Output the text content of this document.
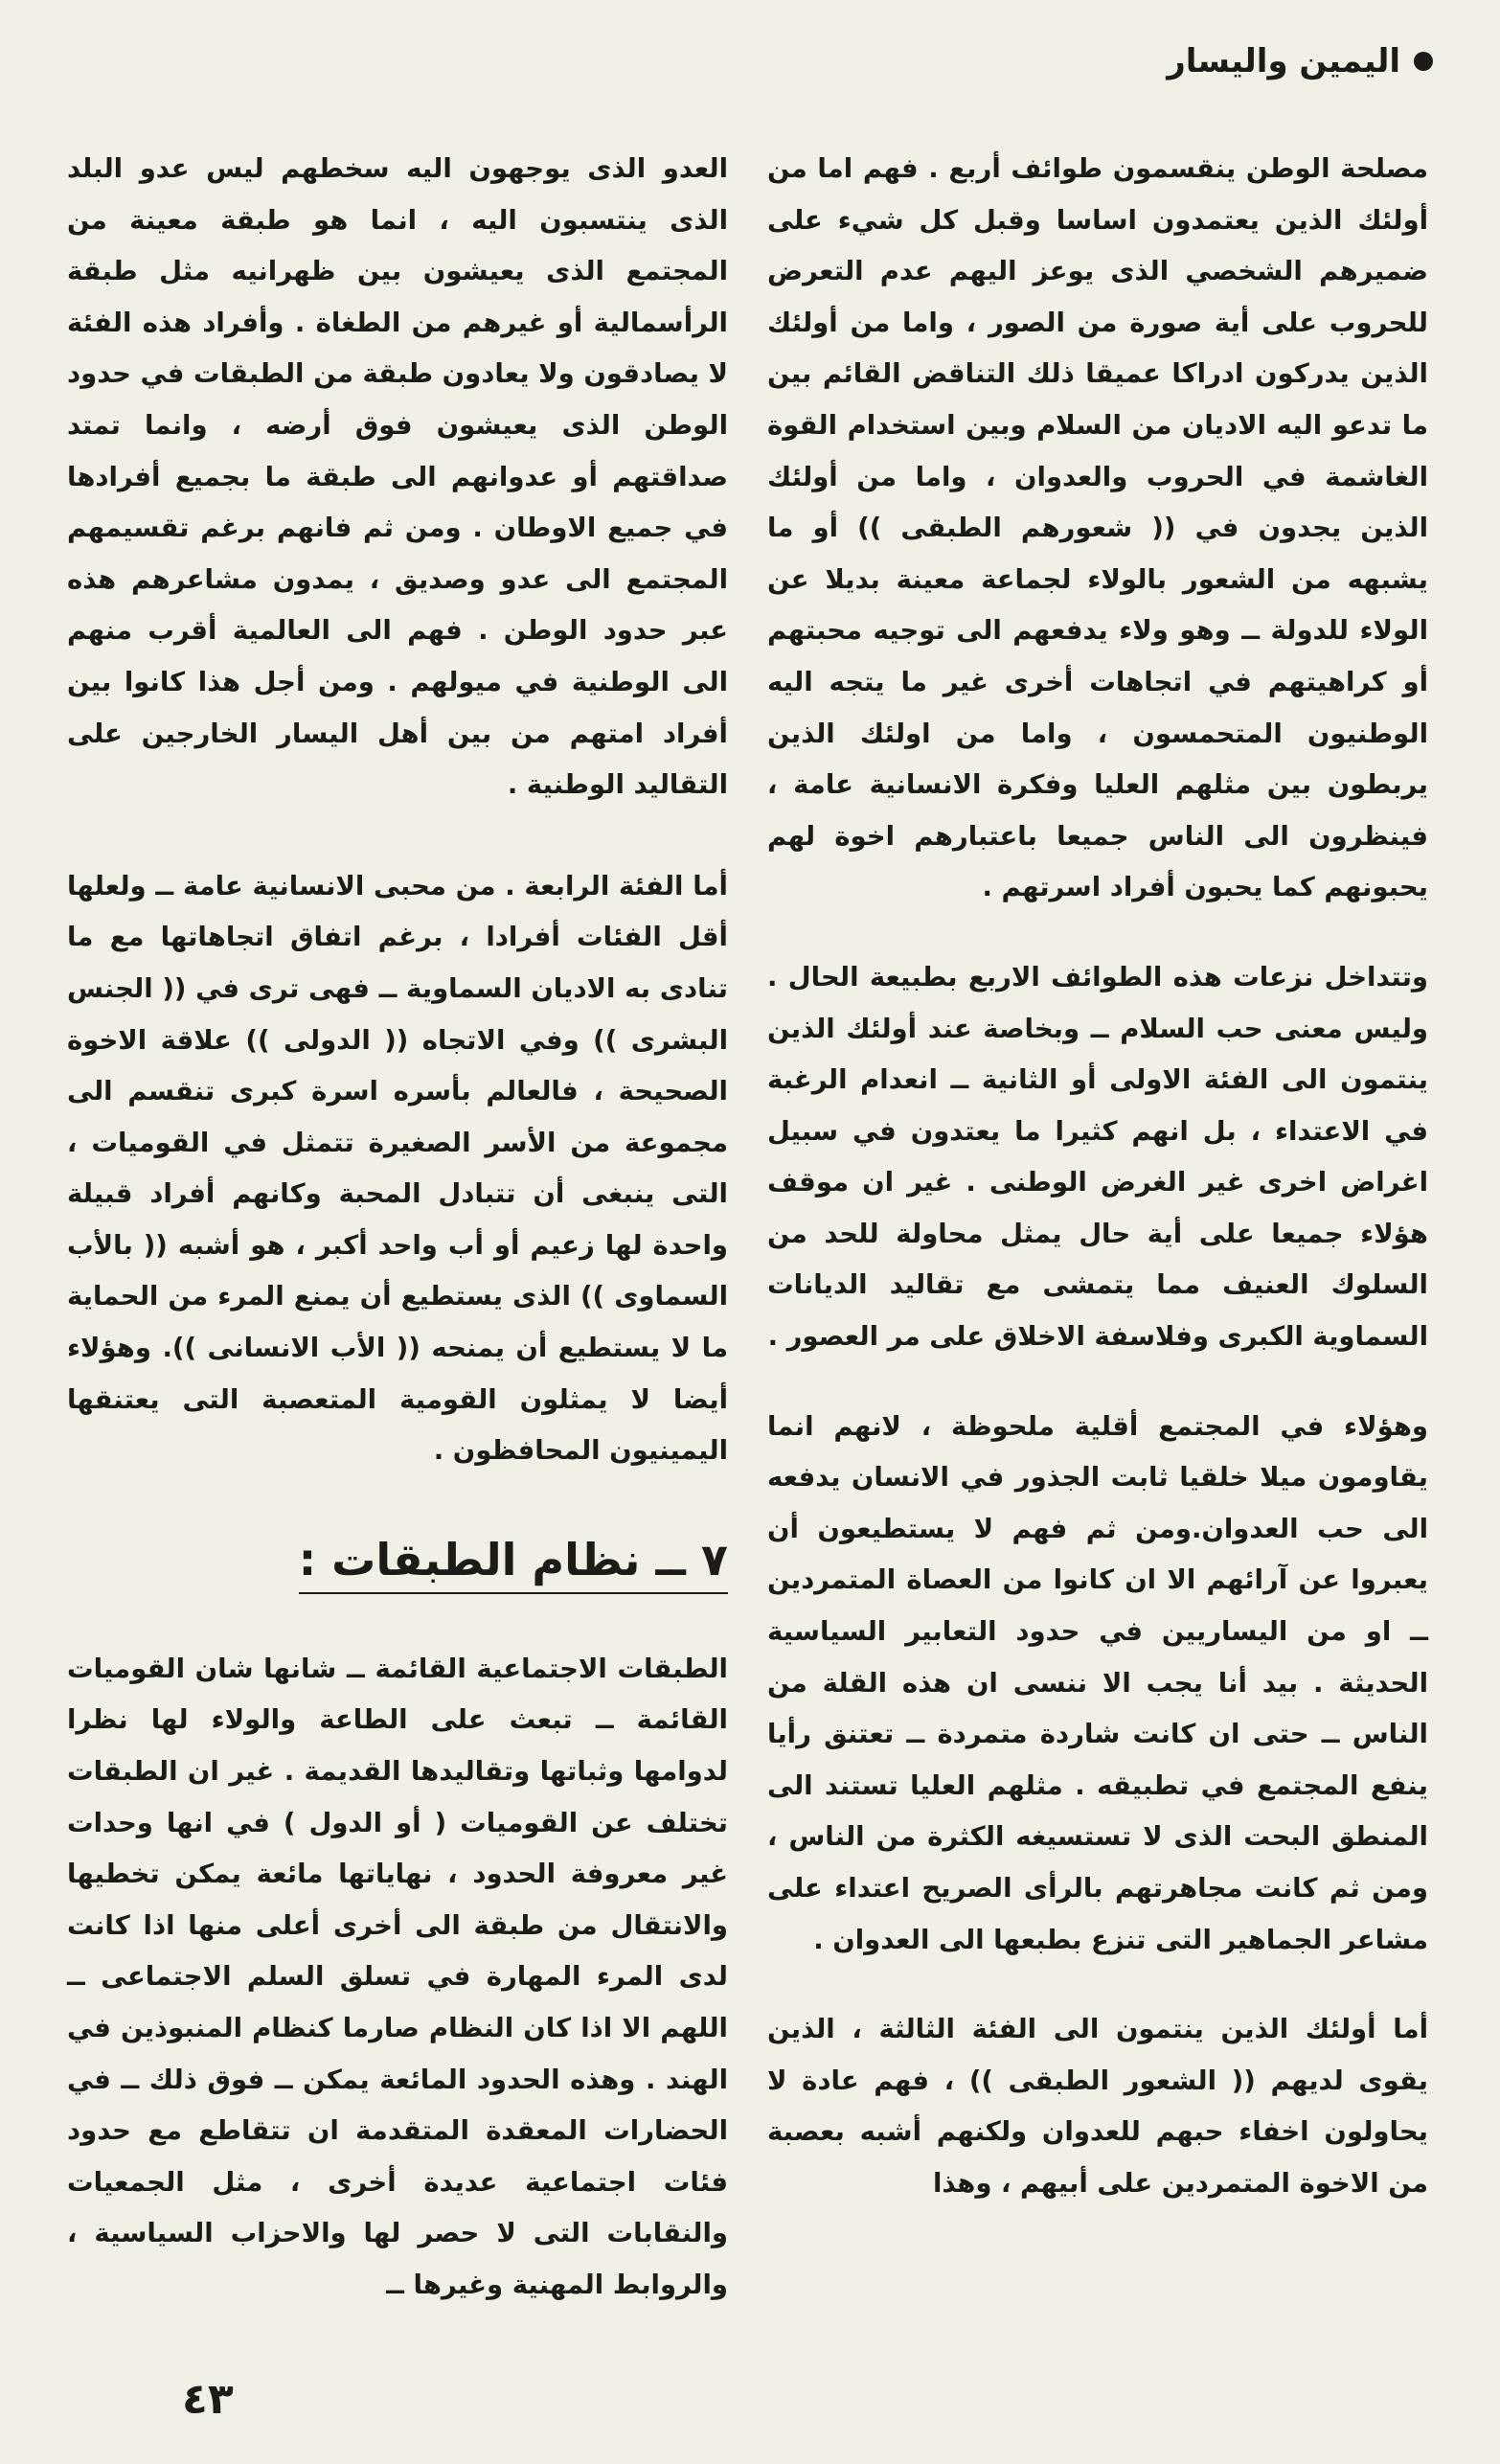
اليمين واليسار

مصلحة الوطن ينقسمون طوائف أربع . فهم اما من أولئك الذين يعتمدون اساسا وقبل كل شيء على ضميرهم الشخصي الذى يوعز اليهم عدم التعرض للحروب على أية صورة من الصور ، واما من أولئك الذين يدركون ادراكا عميقا ذلك التناقض القائم بين ما تدعو اليه الاديان من السلام وبين استخدام القوة الغاشمة في الحروب والعدوان ، واما من أولئك الذين يجدون في (( شعورهم الطبقى )) أو ما يشبهه من الشعور بالولاء لجماعة معينة بديلا عن الولاء للدولة ــ وهو ولاء يدفعهم الى توجيه محبتهم أو كراهيتهم في اتجاهات أخرى غير ما يتجه اليه الوطنيون المتحمسون ، واما من اولئك الذين يربطون بين مثلهم العليا وفكرة الانسانية عامة ، فينظرون الى الناس جميعا باعتبارهم اخوة لهم يحبونهم كما يحبون أفراد اسرتهم .

وتتداخل نزعات هذه الطوائف الاربع بطبيعة الحال . وليس معنى حب السلام ــ وبخاصة عند أولئك الذين ينتمون الى الفئة الاولى أو الثانية ــ انعدام الرغبة في الاعتداء ، بل انهم كثيرا ما يعتدون في سبيل اغراض اخرى غير الغرض الوطنى . غير ان موقف هؤلاء جميعا على أية حال يمثل محاولة للحد من السلوك العنيف مما يتمشى مع تقاليد الديانات السماوية الكبرى وفلاسفة الاخلاق على مر العصور .

وهؤلاء في المجتمع أقلية ملحوظة ، لانهم انما يقاومون ميلا خلقيا ثابت الجذور في الانسان يدفعه الى حب العدوان.ومن ثم فهم لا يستطيعون أن يعبروا عن آرائهم الا ان كانوا من العصاة المتمردين ــ او من اليساريين في حدود التعابير السياسية الحديثة . بيد أنا يجب الا ننسى ان هذه القلة من الناس ــ حتى ان كانت شاردة متمردة ــ تعتنق رأيا ينفع المجتمع في تطبيقه . مثلهم العليا تستند الى المنطق البحت الذى لا تستسيغه الكثرة من الناس ، ومن ثم كانت مجاهرتهم بالرأى الصريح اعتداء على مشاعر الجماهير التى تنزع بطبعها الى العدوان .

أما أولئك الذين ينتمون الى الفئة الثالثة ، الذين يقوى لديهم (( الشعور الطبقى )) ، فهم عادة لا يحاولون اخفاء حبهم للعدوان ولكنهم أشبه بعصبة من الاخوة المتمردين على أبيهم ، وهذا

العدو الذى يوجهون اليه سخطهم ليس عدو البلد الذى ينتسبون اليه ، انما هو طبقة معينة من المجتمع الذى يعيشون بين ظهرانيه مثل طبقة الرأسمالية أو غيرهم من الطغاة . وأفراد هذه الفئة لا يصادقون ولا يعادون طبقة من الطبقات في حدود الوطن الذى يعيشون فوق أرضه ، وانما تمتد صداقتهم أو عدوانهم الى طبقة ما بجميع أفرادها في جميع الاوطان . ومن ثم فانهم برغم تقسيمهم المجتمع الى عدو وصديق ، يمدون مشاعرهم هذه عبر حدود الوطن . فهم الى العالمية أقرب منهم الى الوطنية في ميولهم . ومن أجل هذا كانوا بين أفراد امتهم من بين أهل اليسار الخارجين على التقاليد الوطنية .

أما الفئة الرابعة . من محبى الانسانية عامة ــ ولعلها أقل الفئات أفرادا ، برغم اتفاق اتجاهاتها مع ما تنادى به الاديان السماوية ــ فهى ترى في (( الجنس البشرى )) وفي الاتجاه (( الدولى )) علاقة الاخوة الصحيحة ، فالعالم بأسره اسرة كبرى تنقسم الى مجموعة من الأسر الصغيرة تتمثل في القوميات ، التى ينبغى أن تتبادل المحبة وكانهم أفراد قبيلة واحدة لها زعيم أو أب واحد أكبر ، هو أشبه (( بالأب السماوى )) الذى يستطيع أن يمنع المرء من الحماية ما لا يستطيع أن يمنحه (( الأب الانسانى )). وهؤلاء أيضا لا يمثلون القومية المتعصبة التى يعتنقها اليمينيون المحافظون .

٧ ــ نظام الطبقات :

الطبقات الاجتماعية القائمة ــ شانها شان القوميات القائمة ــ تبعث على الطاعة والولاء لها نظرا لدوامها وثباتها وتقاليدها القديمة . غير ان الطبقات تختلف عن القوميات ( أو الدول ) في انها وحدات غير معروفة الحدود ، نهاياتها مائعة يمكن تخطيها والانتقال من طبقة الى أخرى أعلى منها اذا كانت لدى المرء المهارة في تسلق السلم الاجتماعى ــ اللهم الا اذا كان النظام صارما كنظام المنبوذين في الهند . وهذه الحدود المائعة يمكن ــ فوق ذلك ــ في الحضارات المعقدة المتقدمة ان تتقاطع مع حدود فئات اجتماعية عديدة أخرى ، مثل الجمعيات والنقابات التى لا حصر لها والاحزاب السياسية ، والروابط المهنية وغيرها ــ

٤٣
